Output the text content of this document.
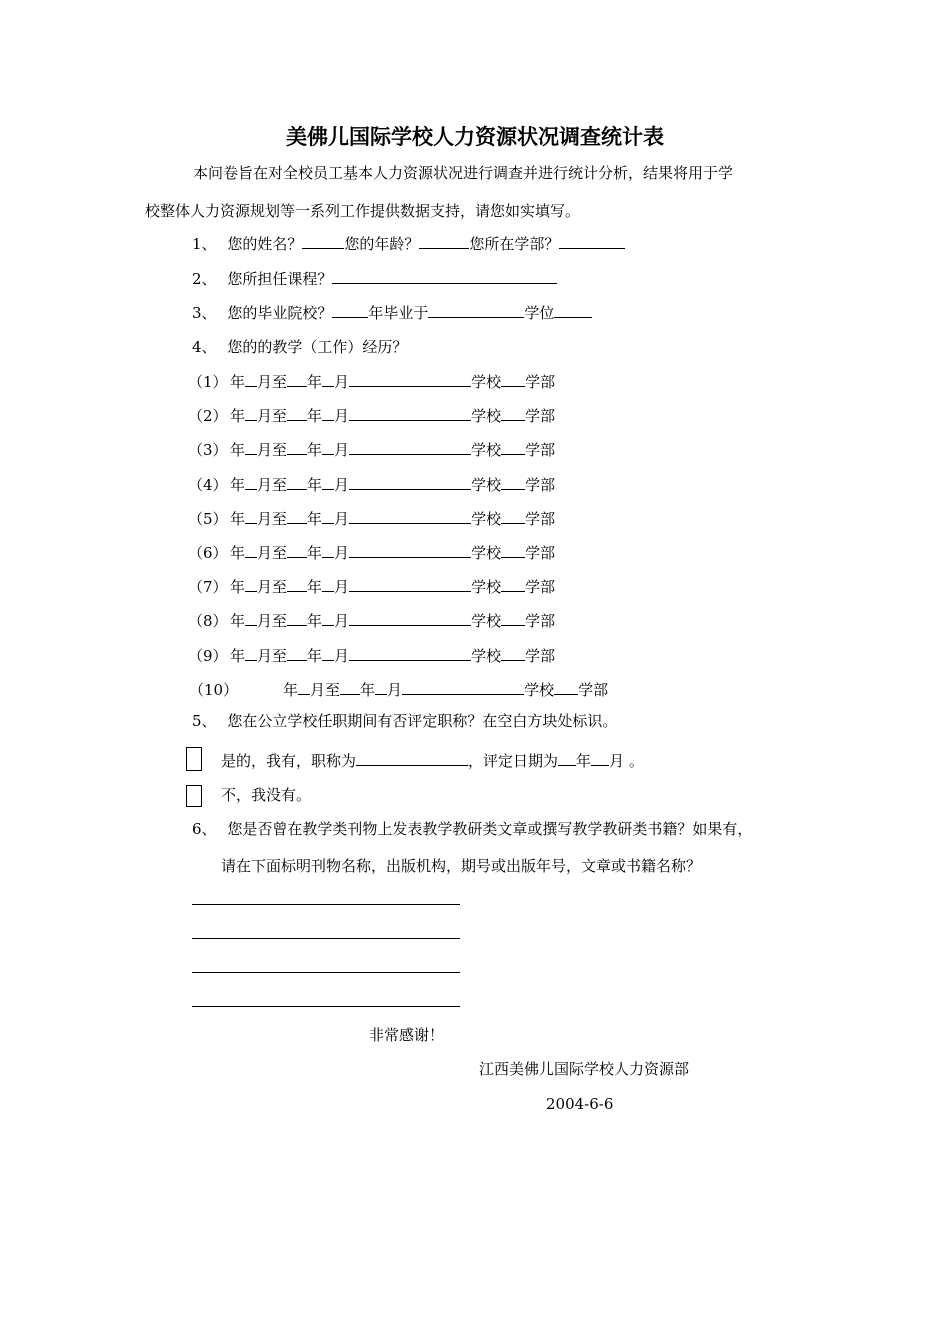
美佛儿国际学校人力资源状况调查统计表
本问卷旨在对全校员工基本人力资源状况进行调查并进行统计分析，结果将用于学
校整体人力资源规划等一系列工作提供数据支持，请您如实填写。
1、 您的姓名？	您的年龄？	您所在学部？
2、 您所担任课程？
3、 您的毕业院校？ 年毕业于	学位
4、 您的的教学（工作）经历？
（1） 年 月至 年 月	学校 学部
（2） 年 月至 年 月	学校 学部
（3） 年 月至 年 月	学校 学部
（4） 年 月至 年 月	学校 学部
（5） 年 月至 年 月	学校 学部
（6） 年 月至 年 月	学校 学部
（7） 年 月至 年 月	学校 学部
（8） 年 月至 年 月	学校 学部
（9） 年 月至 年 月	学校 学部
（10）	年 月至 年 月	学校 学部
5、 您在公立学校任职期间有否评定职称？在空白方块处标识。
是的，我有，职称为	，评定日期为 年 月 。
不，我没有。
6、 您是否曾在教学类刊物上发表教学教研类文章或撰写教学教研类书籍？如果有，
请在下面标明刊物名称，出版机构，期号或出版年号，文章或书籍名称？
非常感谢！
江西美佛儿国际学校人力资源部
2004-6-6
